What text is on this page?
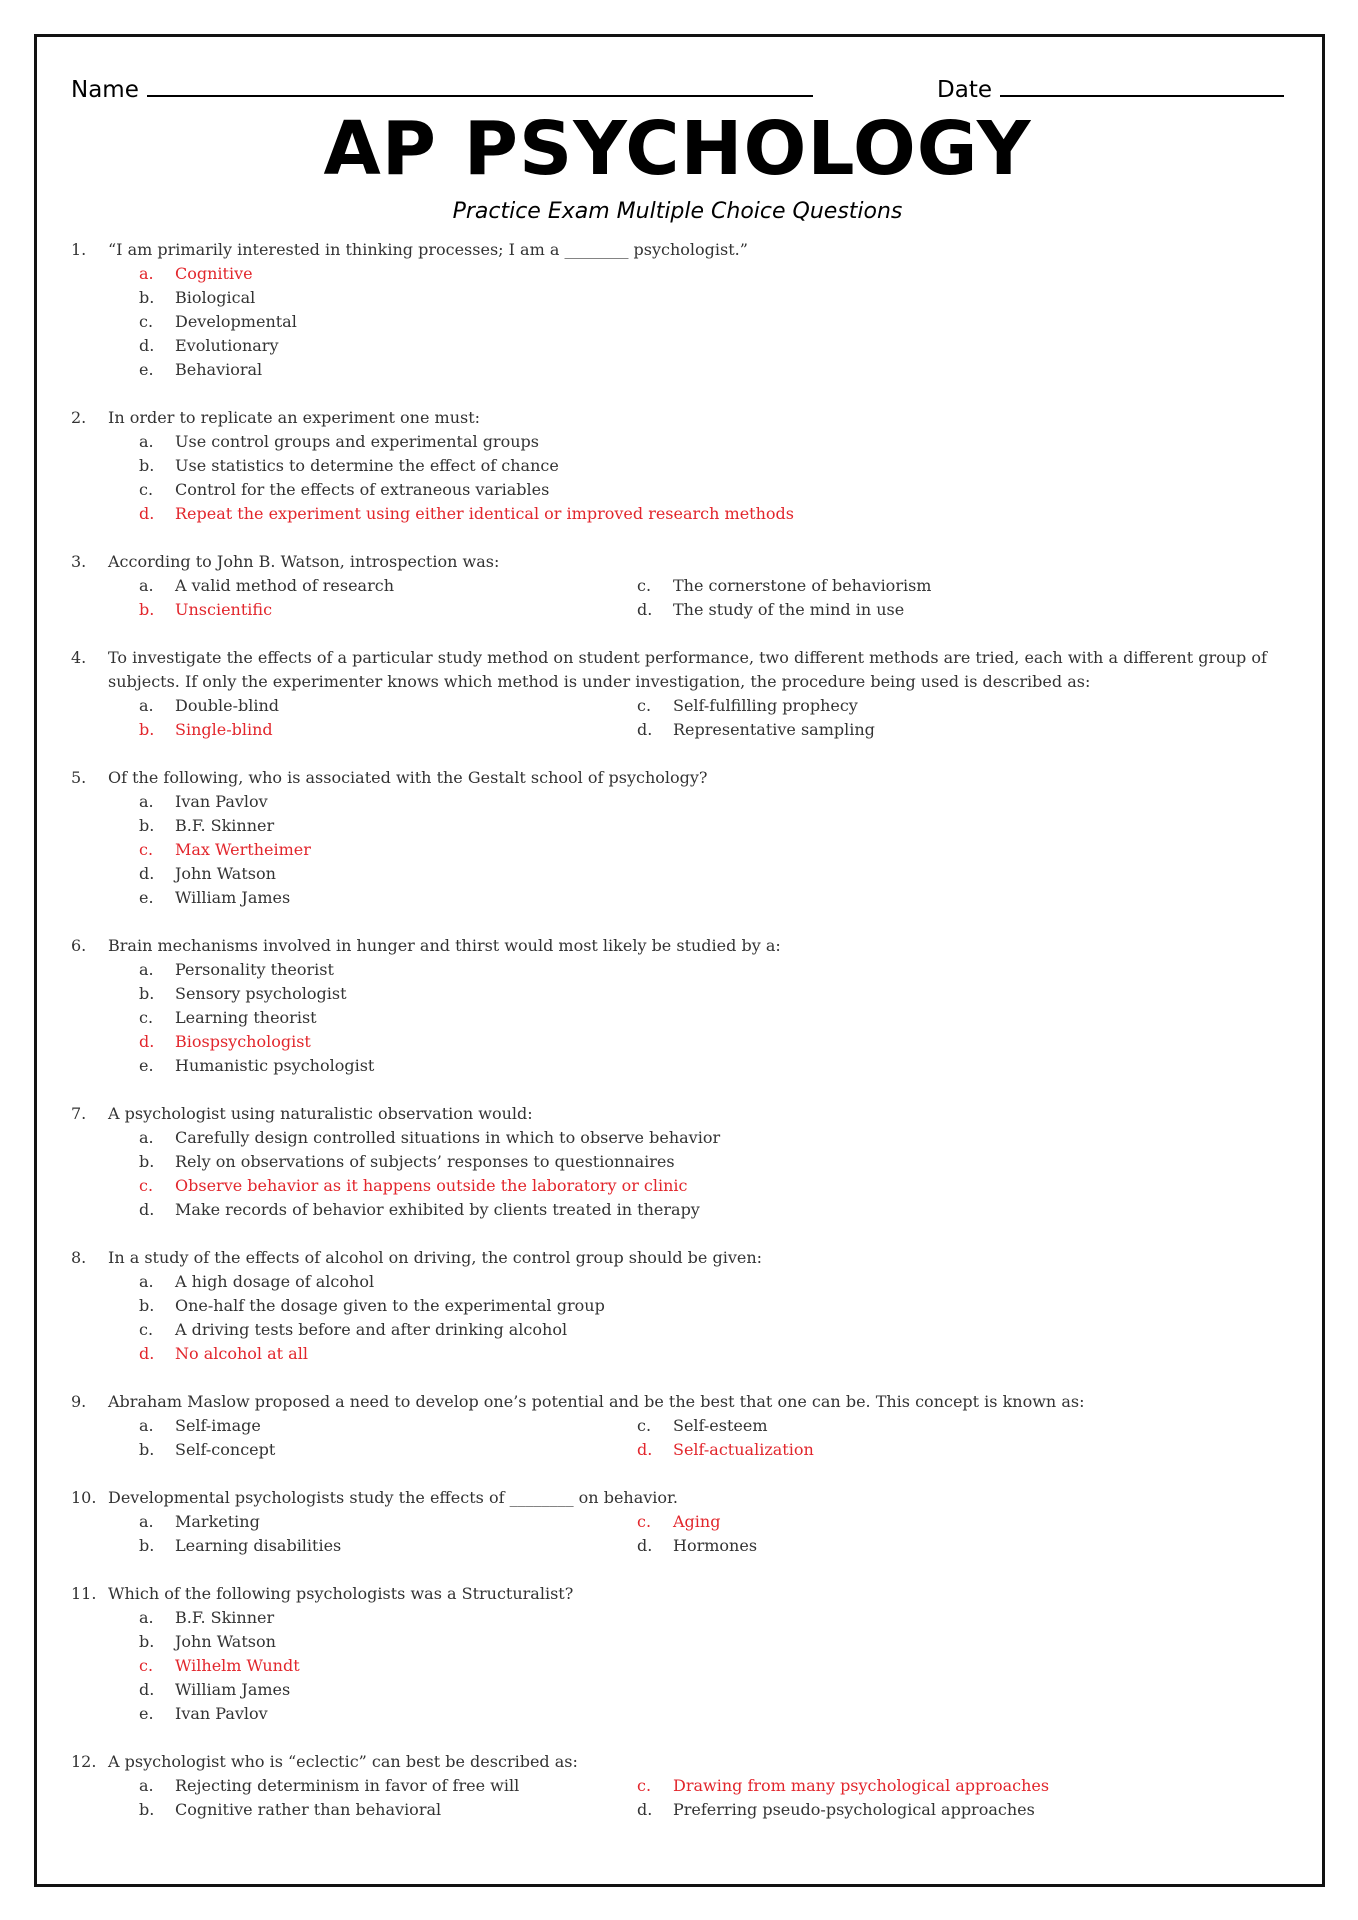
Name	Date
AP PSYCHOLOGY
Practice Exam Multiple Choice Questions
1.	“I am primarily interested in thinking processes; I am a ________ psychologist.”
a.	Cognitive
b.	Biological
c.	Developmental
d.	Evolutionary
e.	Behavioral
2.	In order to replicate an experiment one must:
a.	Use control groups and experimental groups
b.	Use statistics to determine the effect of chance
c.	Control for the effects of extraneous variables
d.	Repeat the experiment using either identical or improved research methods
3.	According to John B. Watson, introspection was:
a.	A valid method of research	c.	The cornerstone of behaviorism
b.	Unscientific	d.	The study of the mind in use
4.	To investigate the effects of a particular study method on student performance, two different methods are tried, each with a different group of subjects. If only the experimenter knows which method is under investigation, the procedure being used is described as:
a.	Double-blind	c.	Self-fulfilling prophecy
b.	Single-blind	d.	Representative sampling
5.	Of the following, who is associated with the Gestalt school of psychology?
a.	Ivan Pavlov
b.	B.F. Skinner
c.	Max Wertheimer
d.	John Watson
e.	William James
6.	Brain mechanisms involved in hunger and thirst would most likely be studied by a:
a.	Personality theorist
b.	Sensory psychologist
c.	Learning theorist
d.	Biospsychologist
e.	Humanistic psychologist
7.	A psychologist using naturalistic observation would:
a.	Carefully design controlled situations in which to observe behavior
b.	Rely on observations of subjects’ responses to questionnaires
c.	Observe behavior as it happens outside the laboratory or clinic
d.	Make records of behavior exhibited by clients treated in therapy
8.	In a study of the effects of alcohol on driving, the control group should be given:
a.	A high dosage of alcohol
b.	One-half the dosage given to the experimental group
c.	A driving tests before and after drinking alcohol
d.	No alcohol at all
9.	Abraham Maslow proposed a need to develop one’s potential and be the best that one can be. This concept is known as:
a.	Self-image	c.	Self-esteem
b.	Self-concept	d.	Self-actualization
10. Developmental psychologists study the effects of ________ on behavior.
a.	Marketing	c.	Aging
b.	Learning disabilities	d.	Hormones
11. Which of the following psychologists was a Structuralist?
a.	B.F. Skinner
b.	John Watson
c.	Wilhelm Wundt
d.	William James
e.	Ivan Pavlov
12. A psychologist who is “eclectic” can best be described as:
a.	Rejecting determinism in favor of free will	c.	Drawing from many psychological approaches
b.	Cognitive rather than behavioral	d.	Preferring pseudo-psychological approaches
